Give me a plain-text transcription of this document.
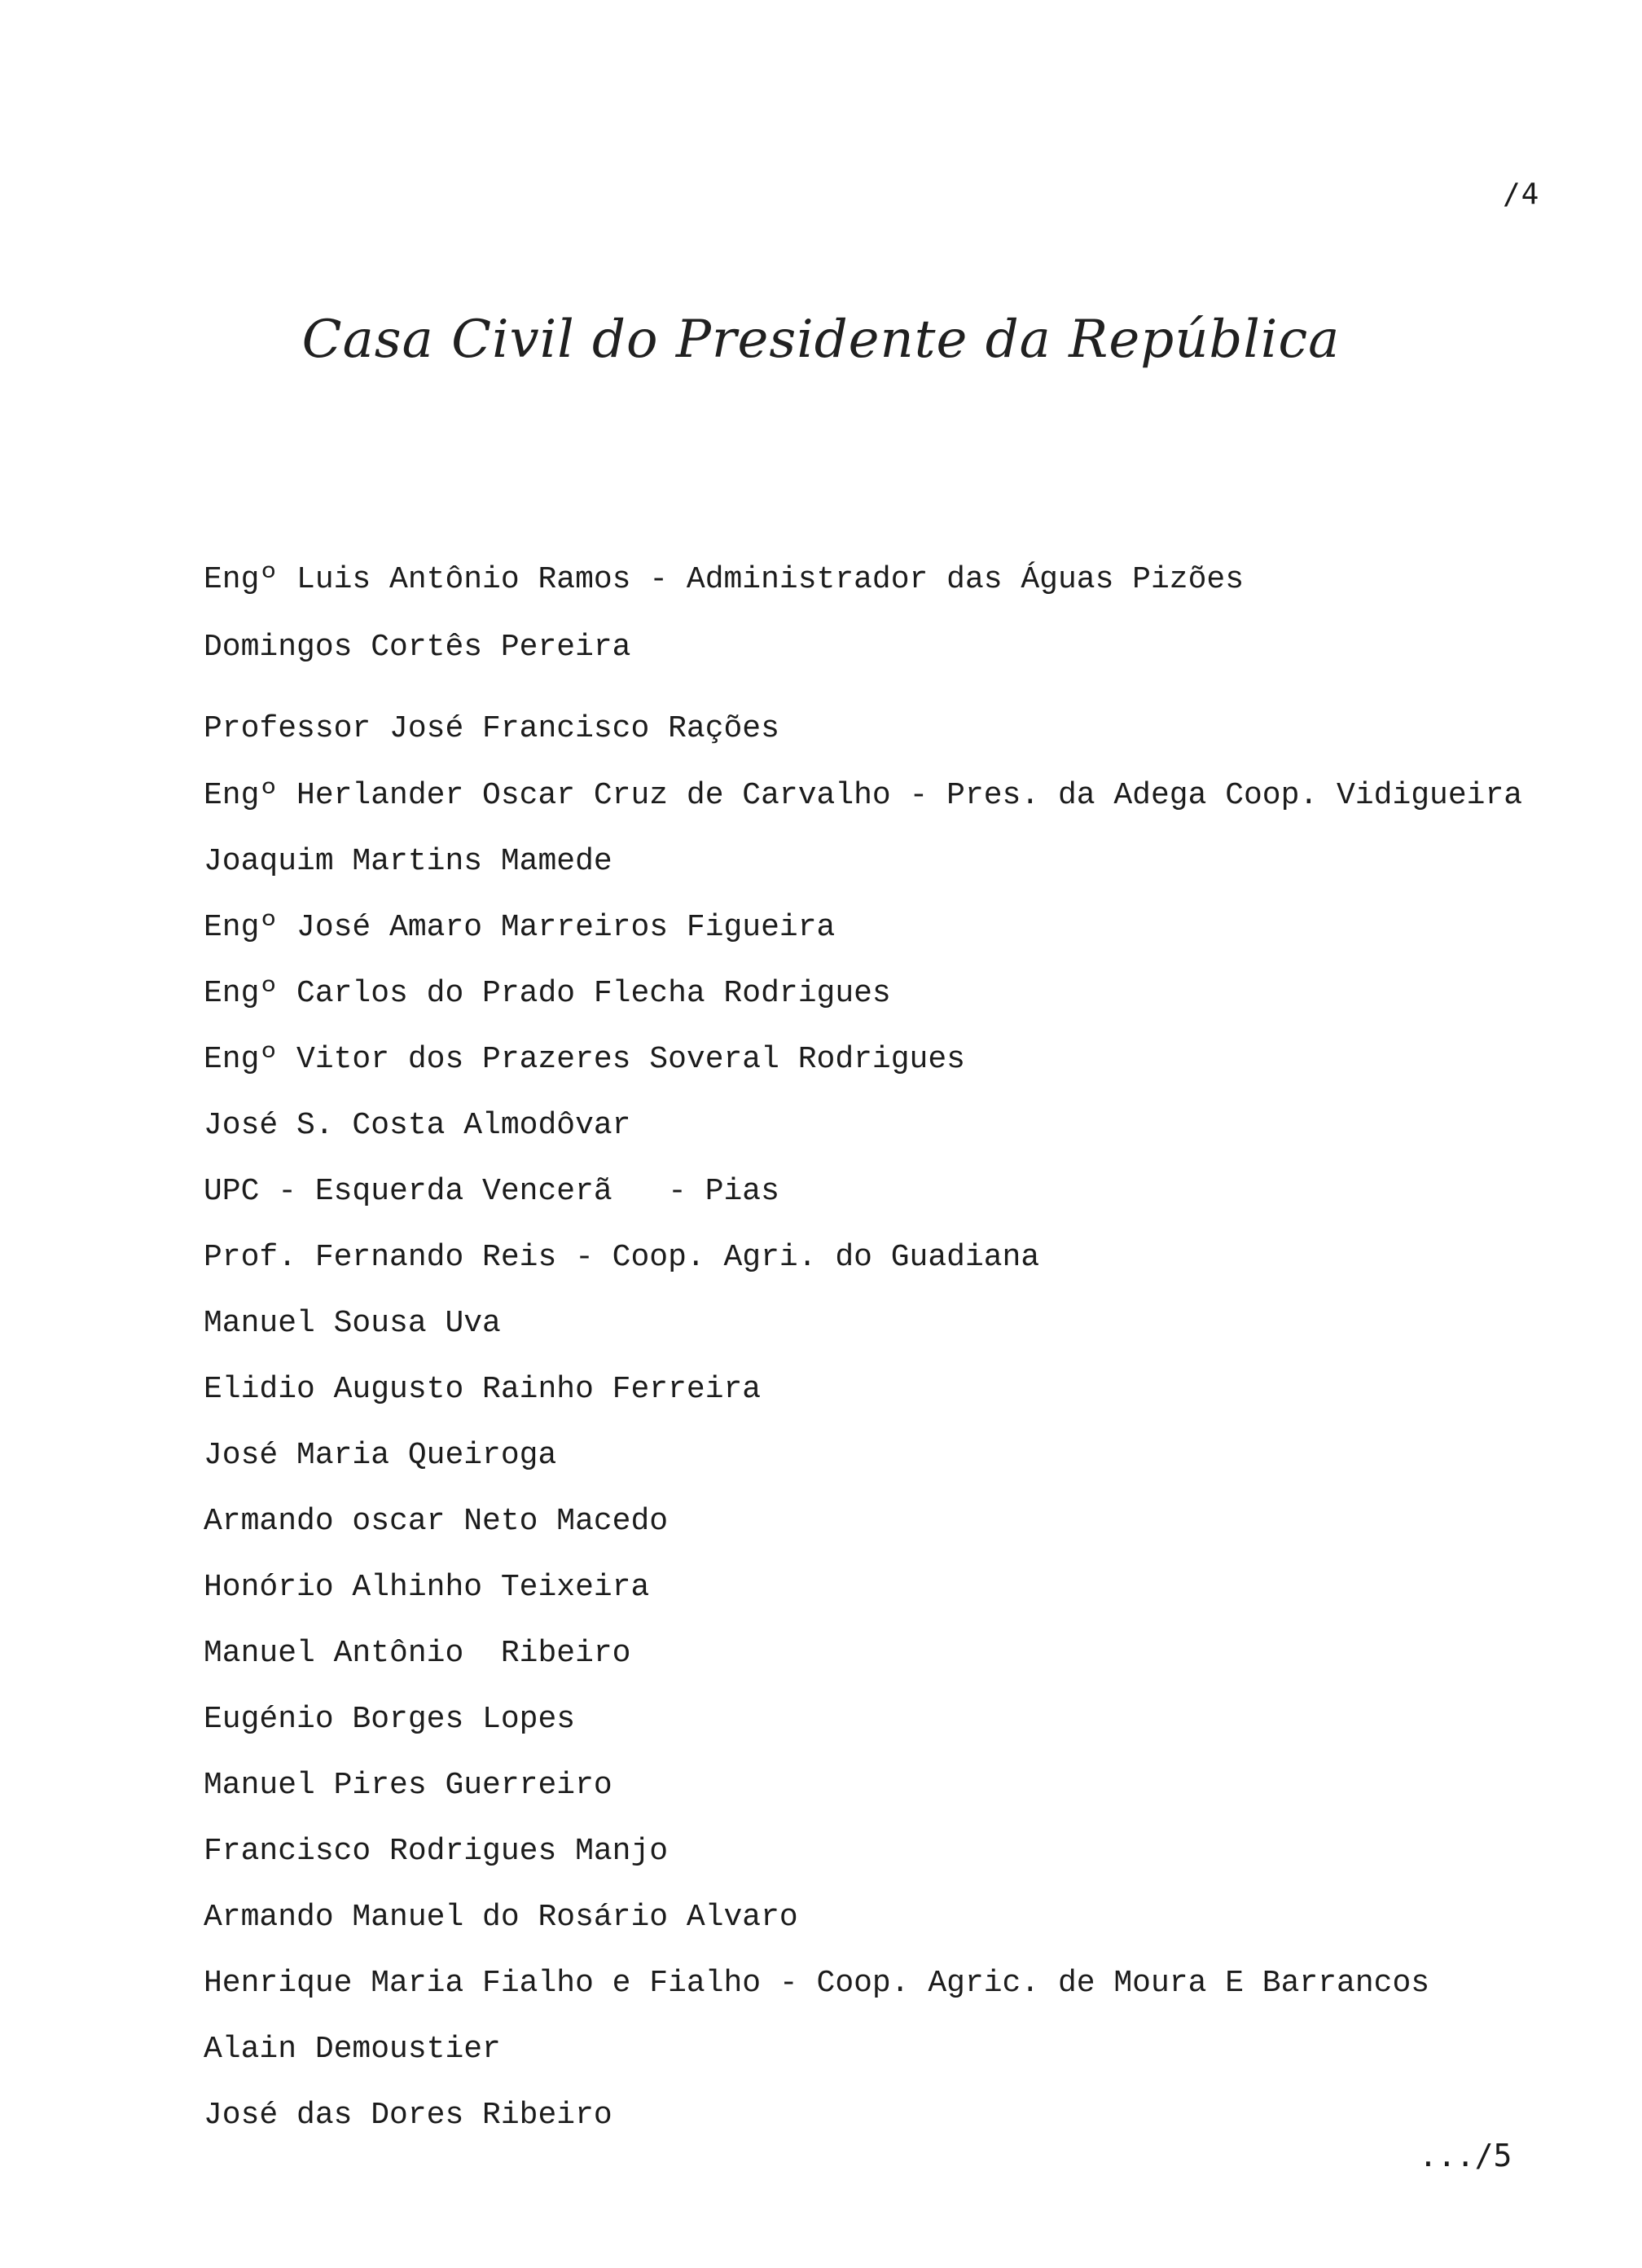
/4
Casa Civil do Presidente da República
Engº Luis Antônio Ramos - Administrador das Águas Pizões
Domingos Cortês Pereira
Professor José Francisco Rações
Engº Herlander Oscar Cruz de Carvalho - Pres. da Adega Coop. Vidigueira
Joaquim Martins Mamede
Engº José Amaro Marreiros Figueira
Engº Carlos do Prado Flecha Rodrigues
Engº Vitor dos Prazeres Soveral Rodrigues
José S. Costa Almodôvar
UPC - Esquerda Vencerã   - Pias
Prof. Fernando Reis - Coop. Agri. do Guadiana
Manuel Sousa Uva
Elidio Augusto Rainho Ferreira
José Maria Queiroga
Armando oscar Neto Macedo
Honório Alhinho Teixeira
Manuel Antônio  Ribeiro
Eugénio Borges Lopes
Manuel Pires Guerreiro
Francisco Rodrigues Manjo
Armando Manuel do Rosário Alvaro
Henrique Maria Fialho e Fialho - Coop. Agric. de Moura E Barrancos
Alain Demoustier
José das Dores Ribeiro
.../5
